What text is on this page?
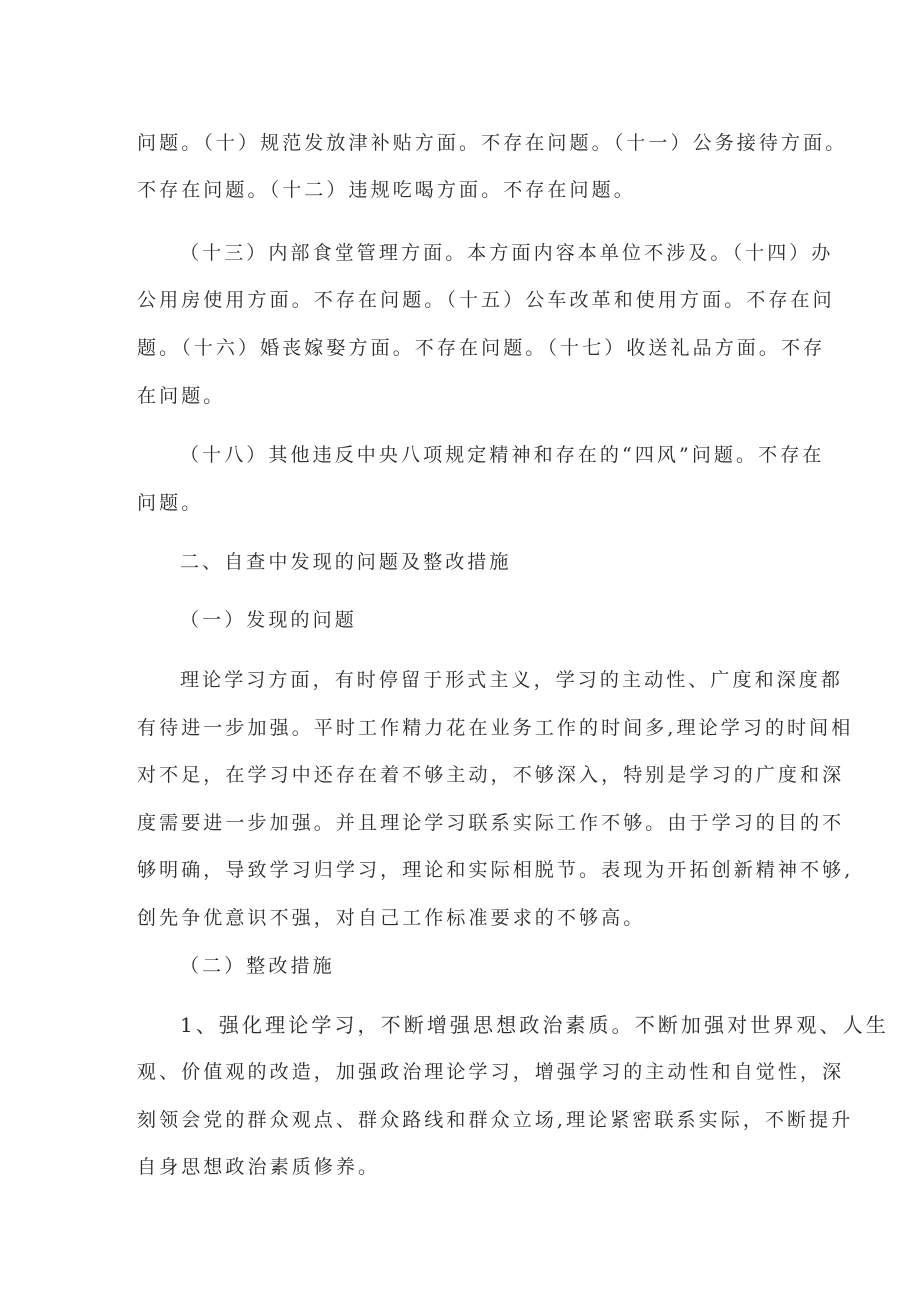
问题。（十）规范发放津补贴方面。不存在问题。（十一）公务接待方面。
不存在问题。（十二）违规吃喝方面。不存在问题。
（十三）内部食堂管理方面。本方面内容本单位不涉及。（十四）办
公用房使用方面。不存在问题。（十五）公车改革和使用方面。不存在问
题。（十六）婚丧嫁娶方面。不存在问题。（十七）收送礼品方面。不存
在问题。
（十八）其他违反中央八项规定精神和存在的“四风”问题。不存在
问题。
二、自查中发现的问题及整改措施
（一）发现的问题
理论学习方面，有时停留于形式主义，学习的主动性、广度和深度都
有待进一步加强。平时工作精力花在业务工作的时间多,理论学习的时间相
对不足，在学习中还存在着不够主动，不够深入，特别是学习的广度和深
度需要进一步加强。并且理论学习联系实际工作不够。由于学习的目的不
够明确，导致学习归学习，理论和实际相脱节。表现为开拓创新精神不够,
创先争优意识不强，对自己工作标准要求的不够高。
（二）整改措施
1、强化理论学习，不断增强思想政治素质。不断加强对世界观、人生
观、价值观的改造，加强政治理论学习，增强学习的主动性和自觉性，深
刻领会党的群众观点、群众路线和群众立场,理论紧密联系实际，不断提升
自身思想政治素质修养。
